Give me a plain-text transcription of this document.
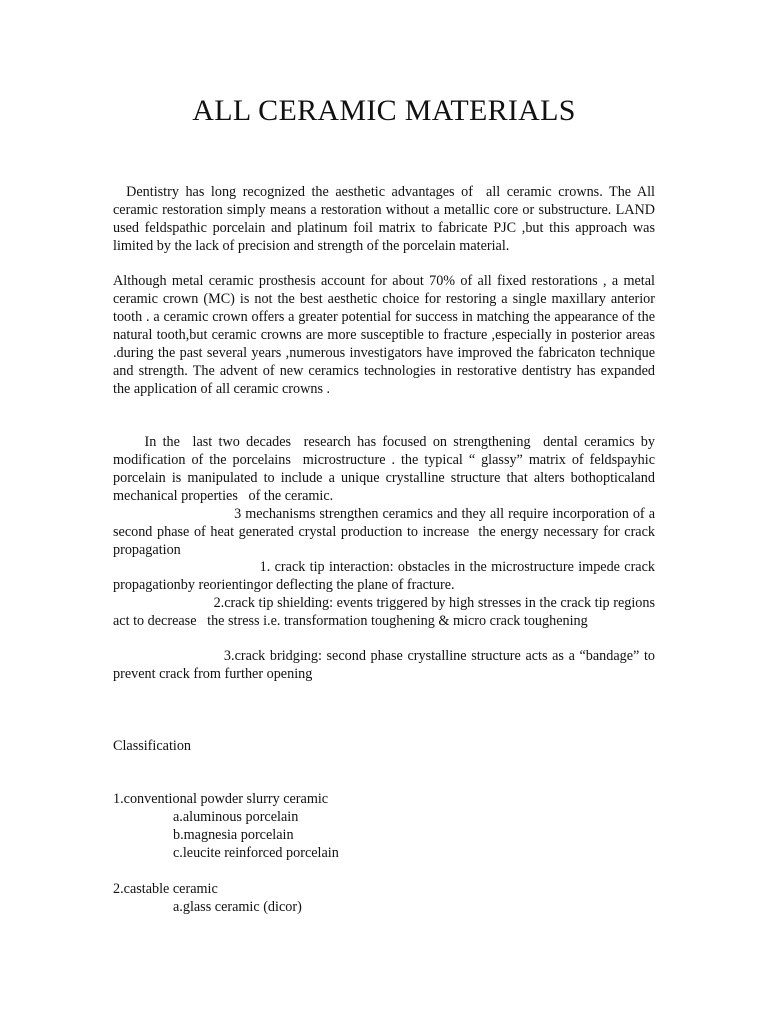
ALL CERAMIC MATERIALS

Dentistry has long recognized the aesthetic advantages of  all ceramic crowns. The All ceramic restoration simply means a restoration without a metallic core or substructure. LAND used feldspathic porcelain and platinum foil matrix to fabricate PJC ,but this approach was limited by the lack of precision and strength of the porcelain material.

Although metal ceramic prosthesis account for about 70% of all fixed restorations , a metal ceramic crown (MC) is not the best aesthetic choice for restoring a single maxillary anterior tooth . a ceramic crown offers a greater potential for success in matching the appearance of the natural tooth,but ceramic crowns are more susceptible to fracture ,especially in posterior areas .during the past several years ,numerous investigators have improved the fabricaton technique and strength. The advent of new ceramics technologies in restorative dentistry has expanded the application of all ceramic crowns .

In the  last two decades  research has focused on strengthening  dental ceramics by modification of the porcelains  microstructure . the typical “ glassy” matrix of feldspayhic porcelain is manipulated to include a unique crystalline structure that alters bothopticaland mechanical properties   of the ceramic.

3 mechanisms strengthen ceramics and they all require incorporation of a second phase of heat generated crystal production to increase  the energy necessary for crack propagation

1. crack tip interaction: obstacles in the microstructure impede crack propagationby reorientingor deflecting the plane of fracture.

2.crack tip shielding: events triggered by high stresses in the crack tip regions act to decrease   the stress i.e. transformation toughening & micro crack toughening

3.crack bridging: second phase crystalline structure acts as a “bandage” to prevent crack from further opening

Classification

1.conventional powder slurry ceramic
a.aluminous porcelain
b.magnesia porcelain
c.leucite reinforced porcelain
2.castable ceramic
a.glass ceramic (dicor)
